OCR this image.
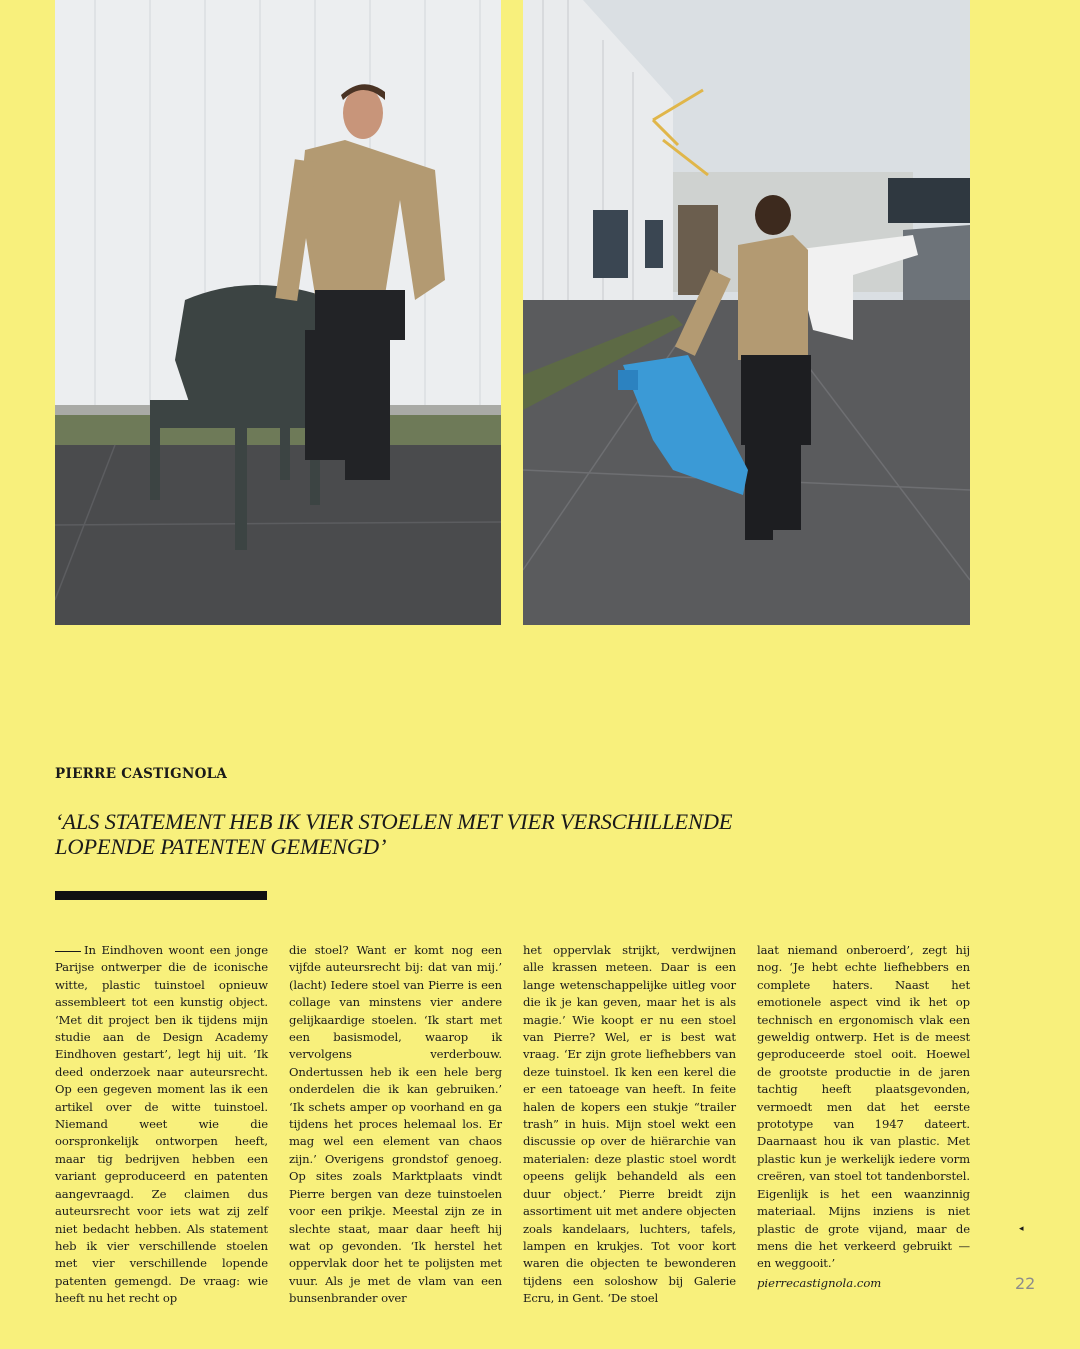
PIERRE CASTIGNOLA
‘ALS STATEMENT HEB IK VIER STOELEN MET VIER VERSCHILLENDE LOPENDE PATENTEN GEMENGD’

In Eindhoven woont een jonge Parijse ontwerper die de iconische witte, plastic tuinstoel opnieuw assembleert tot een kunstig object. ‘Met dit project ben ik tijdens mijn studie aan de Design Academy Eindhoven gestart’, legt hij uit. ‘Ik deed onderzoek naar auteursrecht. Op een gegeven moment las ik een artikel over de witte tuinstoel. Niemand weet wie die oorspronkelijk ontworpen heeft, maar tig bedrijven hebben een variant geproduceerd en patenten aangevraagd. Ze claimen dus auteursrecht voor iets wat zij zelf niet bedacht hebben. Als statement heb ik vier verschillende stoelen met vier verschillende lopende patenten gemengd. De vraag: wie heeft nu het recht op

die stoel? Want er komt nog een vijfde auteursrecht bij: dat van mij.’ (lacht) Iedere stoel van Pierre is een collage van minstens vier andere gelijkaardige stoelen. ‘Ik start met een basismodel, waarop ik vervolgens verderbouw. Ondertussen heb ik een hele berg onderdelen die ik kan gebruiken.’ ‘Ik schets amper op voorhand en ga tijdens het proces helemaal los. Er mag wel een element van chaos zijn.’ Overigens grondstof genoeg. Op sites zoals Marktplaats vindt Pierre bergen van deze tuinstoelen voor een prikje. Meestal zijn ze in slechte staat, maar daar heeft hij wat op gevonden. ‘Ik herstel het oppervlak door het te polijsten met vuur. Als je met de vlam van een bunsenbrander over

het oppervlak strijkt, verdwijnen alle krassen meteen. Daar is een lange wetenschappelijke uitleg voor die ik je kan geven, maar het is als magie.’ Wie koopt er nu een stoel van Pierre? Wel, er is best wat vraag. ‘Er zijn grote liefhebbers van deze tuinstoel. Ik ken een kerel die er een tatoeage van heeft. In feite halen de kopers een stukje “trailer trash” in huis. Mijn stoel wekt een discussie op over de hiërarchie van materialen: deze plastic stoel wordt opeens gelijk behandeld als een duur object.’ Pierre breidt zijn assortiment uit met andere objecten zoals kandelaars, luchters, tafels, lampen en krukjes. Tot voor kort waren die objecten te bewonderen tijdens een soloshow bij Galerie Ecru, in Gent. ‘De stoel

laat niemand onberoerd’, zegt hij nog. ‘Je hebt echte liefhebbers en complete haters. Naast het emotionele aspect vind ik het op technisch en ergonomisch vlak een geweldig ontwerp. Het is de meest geproduceerde stoel ooit. Hoewel de grootste productie in de jaren tachtig heeft plaatsgevonden, vermoedt men dat het eerste prototype van 1947 dateert. Daarnaast hou ik van plastic. Met plastic kun je werkelijk iedere vorm creëren, van stoel tot tandenborstel. Eigenlijk is het een waanzinnig materiaal. Mijns inziens is niet plastic de grote vijand, maar de mens die het verkeerd gebruikt — en weggooit.’

◂
pierrecastignola.com	22
